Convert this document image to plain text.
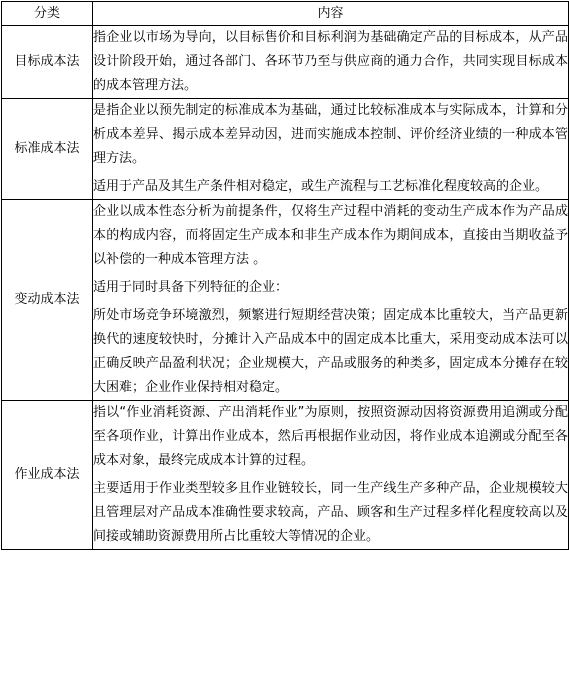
分类	内容
目标成本法	指企业以市场为导向，以目标售价和目标利润为基础确定产品的目标成本，从产品设计阶段开始，通过各部门、各环节乃至与供应商的通力合作，共同实现目标成本的成本管理方法。

标准成本法	是指企业以预先制定的标准成本为基础，通过比较标准成本与实际成本，计算和分析成本差异、揭示成本差异动因，进而实施成本控制、评价经济业绩的一种成本管理方法。

适用于产品及其生产条件相对稳定，或生产流程与工艺标准化程度较高的企业。

变动成本法	企业以成本性态分析为前提条件，仅将生产过程中消耗的变动生产成本作为产品成本的构成内容，而将固定生产成本和非生产成本作为期间成本，直接由当期收益予以补偿的一种成本管理方法 。

适用于同时具备下列特征的企业：

所处市场竞争环境激烈，频繁进行短期经营决策；固定成本比重较大，当产品更新换代的速度较快时，分摊计入产品成本中的固定成本比重大，采用变动成本法可以正确反映产品盈利状况；企业规模大，产品或服务的种类多，固定成本分摊存在较大困难；企业作业保持相对稳定。

作业成本法	指以“作业消耗资源、产出消耗作业”为原则，按照资源动因将资源费用追溯或分配至各项作业，计算出作业成本，然后再根据作业动因，将作业成本追溯或分配至各成本对象，最终完成成本计算的过程。

主要适用于作业类型较多且作业链较长，同一生产线生产多种产品，企业规模较大且管理层对产品成本准确性要求较高，产品、顾客和生产过程多样化程度较高以及间接或辅助资源费用所占比重较大等情况的企业。
